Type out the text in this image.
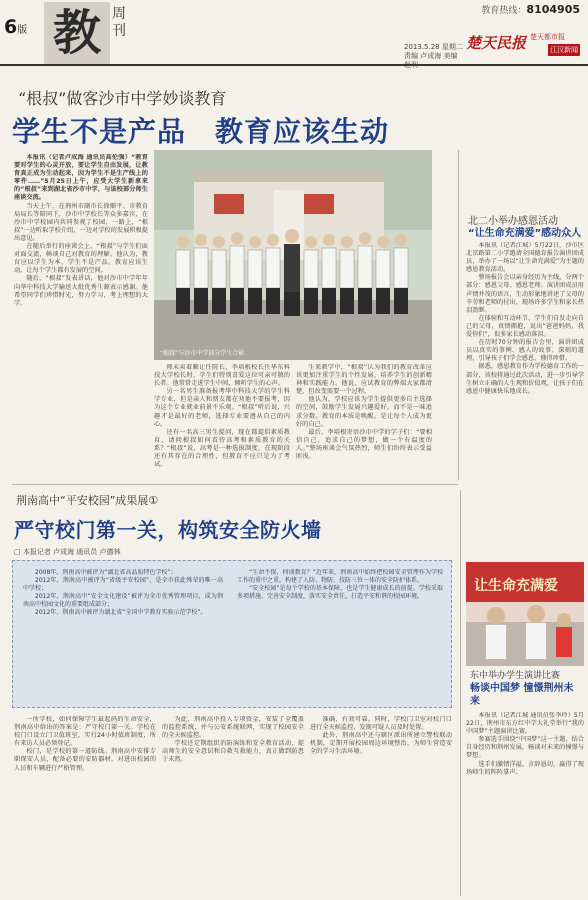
6版 教 周刊
教育热线：8104905
2013.5.28 星期二
责编 卢成海 美编
楚天民报 楚天都市报
江汉新闻
“根叔”做客沙市中学妙谈教育
学生不是产品　教育应该生动

本报讯（记者卢成海 通讯员高伦强）“教育要对学生的心灵开放，要让学生自由发展，让教育真正成为生动起来，因为学生不是生产线上的零件……”5月25日上午，应受大学生新拿来的“根叔”来到湖北省沙市中学，与该校部分师生座谈交流。

当天上午，在荆州市副市长徐顺平、市教育局局长等陪同下，沙市中学校长等众多嘉宾，在沙市中学校园内共同参观了校园，一路上，“根叔”一边听取学校介绍，一边对学校的发展积极提出意见。

在随后举行的座谈会上，“根叔”与学生们面对面交流，畅谈自己对教育的理解。他认为，教育应以学生为本，学生不是产品，教育应该生动，让每个学生都有发展的空间。

随后，“根叔”发表讲话，他对沙市中学年年向华中科技大学输送大批优秀生源表示感谢。他希望同学们珍惜时光，努力学习，考上理想的大学。

“根叔”与沙市中学部分学生合影

师未卖着顺让任院长，李培根校长任华东科技大学校长时，学生们特别喜爱这位可亲可敬的长者。他常常走进学生中间，倾听学生的心声。

另一名男生准备报考华中科技大学的学生科学专业，但是亲人和朋友都在劝他不要报考，因为这个专业就业前景不乐观。“根叔”听后说，兴趣才是最好的老师，选择专业要遵从自己的内心。

还有一名高三男生提问，现在都提倡素质教育，请问根叔如何看待高考和素质教育的关系？“根叔”说，高考是一种选拔制度，在现阶段还有其存在的合理性，但教育不应只是为了考试。

生来教学中，“根叔”认为我们的教育改革应该更加注重学生的个性发展，培养学生的创新精神和实践能力。他说，应试教育的弊端大家都清楚，但改变需要一个过程。

他认为，学校应该为学生提供更多自主选择的空间，鼓励学生发展兴趣爱好，而不是一味追求分数。教育的本质是唤醒，是让每个人成为更好的自己。

最后，李培根寄语沙市中学的学子们：“要相信自己，追求自己的梦想，做一个有温度的人。”整场座谈会气氛热烈，师生们纷纷表示受益匪浅。

北二小举办感恩活动
“让生命充满爱”感动众人

本报讯（记者江城）5月22日，沙市区北京路第二小学邀请全国德育报告演讲团成员，举办了一场以“让生命充满爱”为主题的感恩教育活动。

整场报告会以亲身经历为主线，分两个部分：感恩父母、感恩老师。演讲团成员用声情并茂的语言，生动形象地讲述了父母的辛劳和老师的付出，现场许多学生和家长热泪盈眶。

在体验和互动环节，学生们自发走向自己的父母，真情拥抱，说出“爸爸妈妈，我爱你们”，很多家长感动落泪。

在历时70分钟的报告会里，演讲团成员以真实的事例、感人的故事、深刻的道理，引导孩子们学会感恩、懂得珍惜。

据悉，感恩教育作为学校德育工作的一部分，该校将通过此次活动，进一步引导学生树立正确的人生观和价值观，让孩子们在感恩中健康快乐地成长。

荆南高中“平安校园”成果展①
严守校门第一关，构筑安全防火墙
▢ 本报记者 卢成海 通讯员 卢德林

2008年，荆南高中被评为“湖北省高品质特色学校”；

2012年，荆南高中被评为“省级平安校园”，是全市获此殊荣的唯一高中学校；

2012年，荆南高中“安全文化建设”被评为全市优秀管理项目，成为荆南高中校园文化的重要组成部分；

2012年，荆南高中被评为湖北省“全国中学教育实验示范学校”。

“生命不保，何谈教育？”近年来，荆南高中始终把校园安全管理作为学校工作的重中之重，构建了人防、物防、技防三位一体的安全防护体系。

“安全校园”是每个学校的基本保障，也是学生健康成长的前提。学校采取多项措施，完善安全制度，落实安全责任，打造平安和谐的校园环境。

一所学校，如何保障学生最起码的生命安全，荆南高中给出的答案是：严守校门第一关。学校在校门口设立门卫值班室，实行24小时值班制度，所有来访人员必须登记。

校门，是学校的第一道防线。荆南高中安排专职保安人员，配备必要的安防器材，对进出校园的人员和车辆进行严格管理。

为此，荆南高中投入专项资金，安装了全覆盖的监控系统，并与公安系统联网，实现了校园安全的全天候监控。

学校还定期组织消防演练和安全教育活动，提高师生的安全意识和自救互救能力，真正做到防患于未然。

准确、有效可靠。同时，学校门卫室对校门口进行全天候监控，发现可疑人员及时处置。

此外，荆南高中还与辖区派出所建立警校联动机制，定期开展校园周边环境整治，为师生营造安全的学习生活环境。

让生命充满爱
东中举办学生演讲比赛
畅谈中国梦 憧憬荆州未来

本报讯（记者江城 通讯员张李玲）5月22日，荆州市东方红中学大礼堂举行“我的中国梦”主题演讲比赛。

参赛选手围绕“中国梦”这一主题，结合自身经历和荆州发展，畅谈对未来的憧憬与梦想。

选手们激情洋溢、言辞恳切，赢得了现场师生的阵阵掌声。
